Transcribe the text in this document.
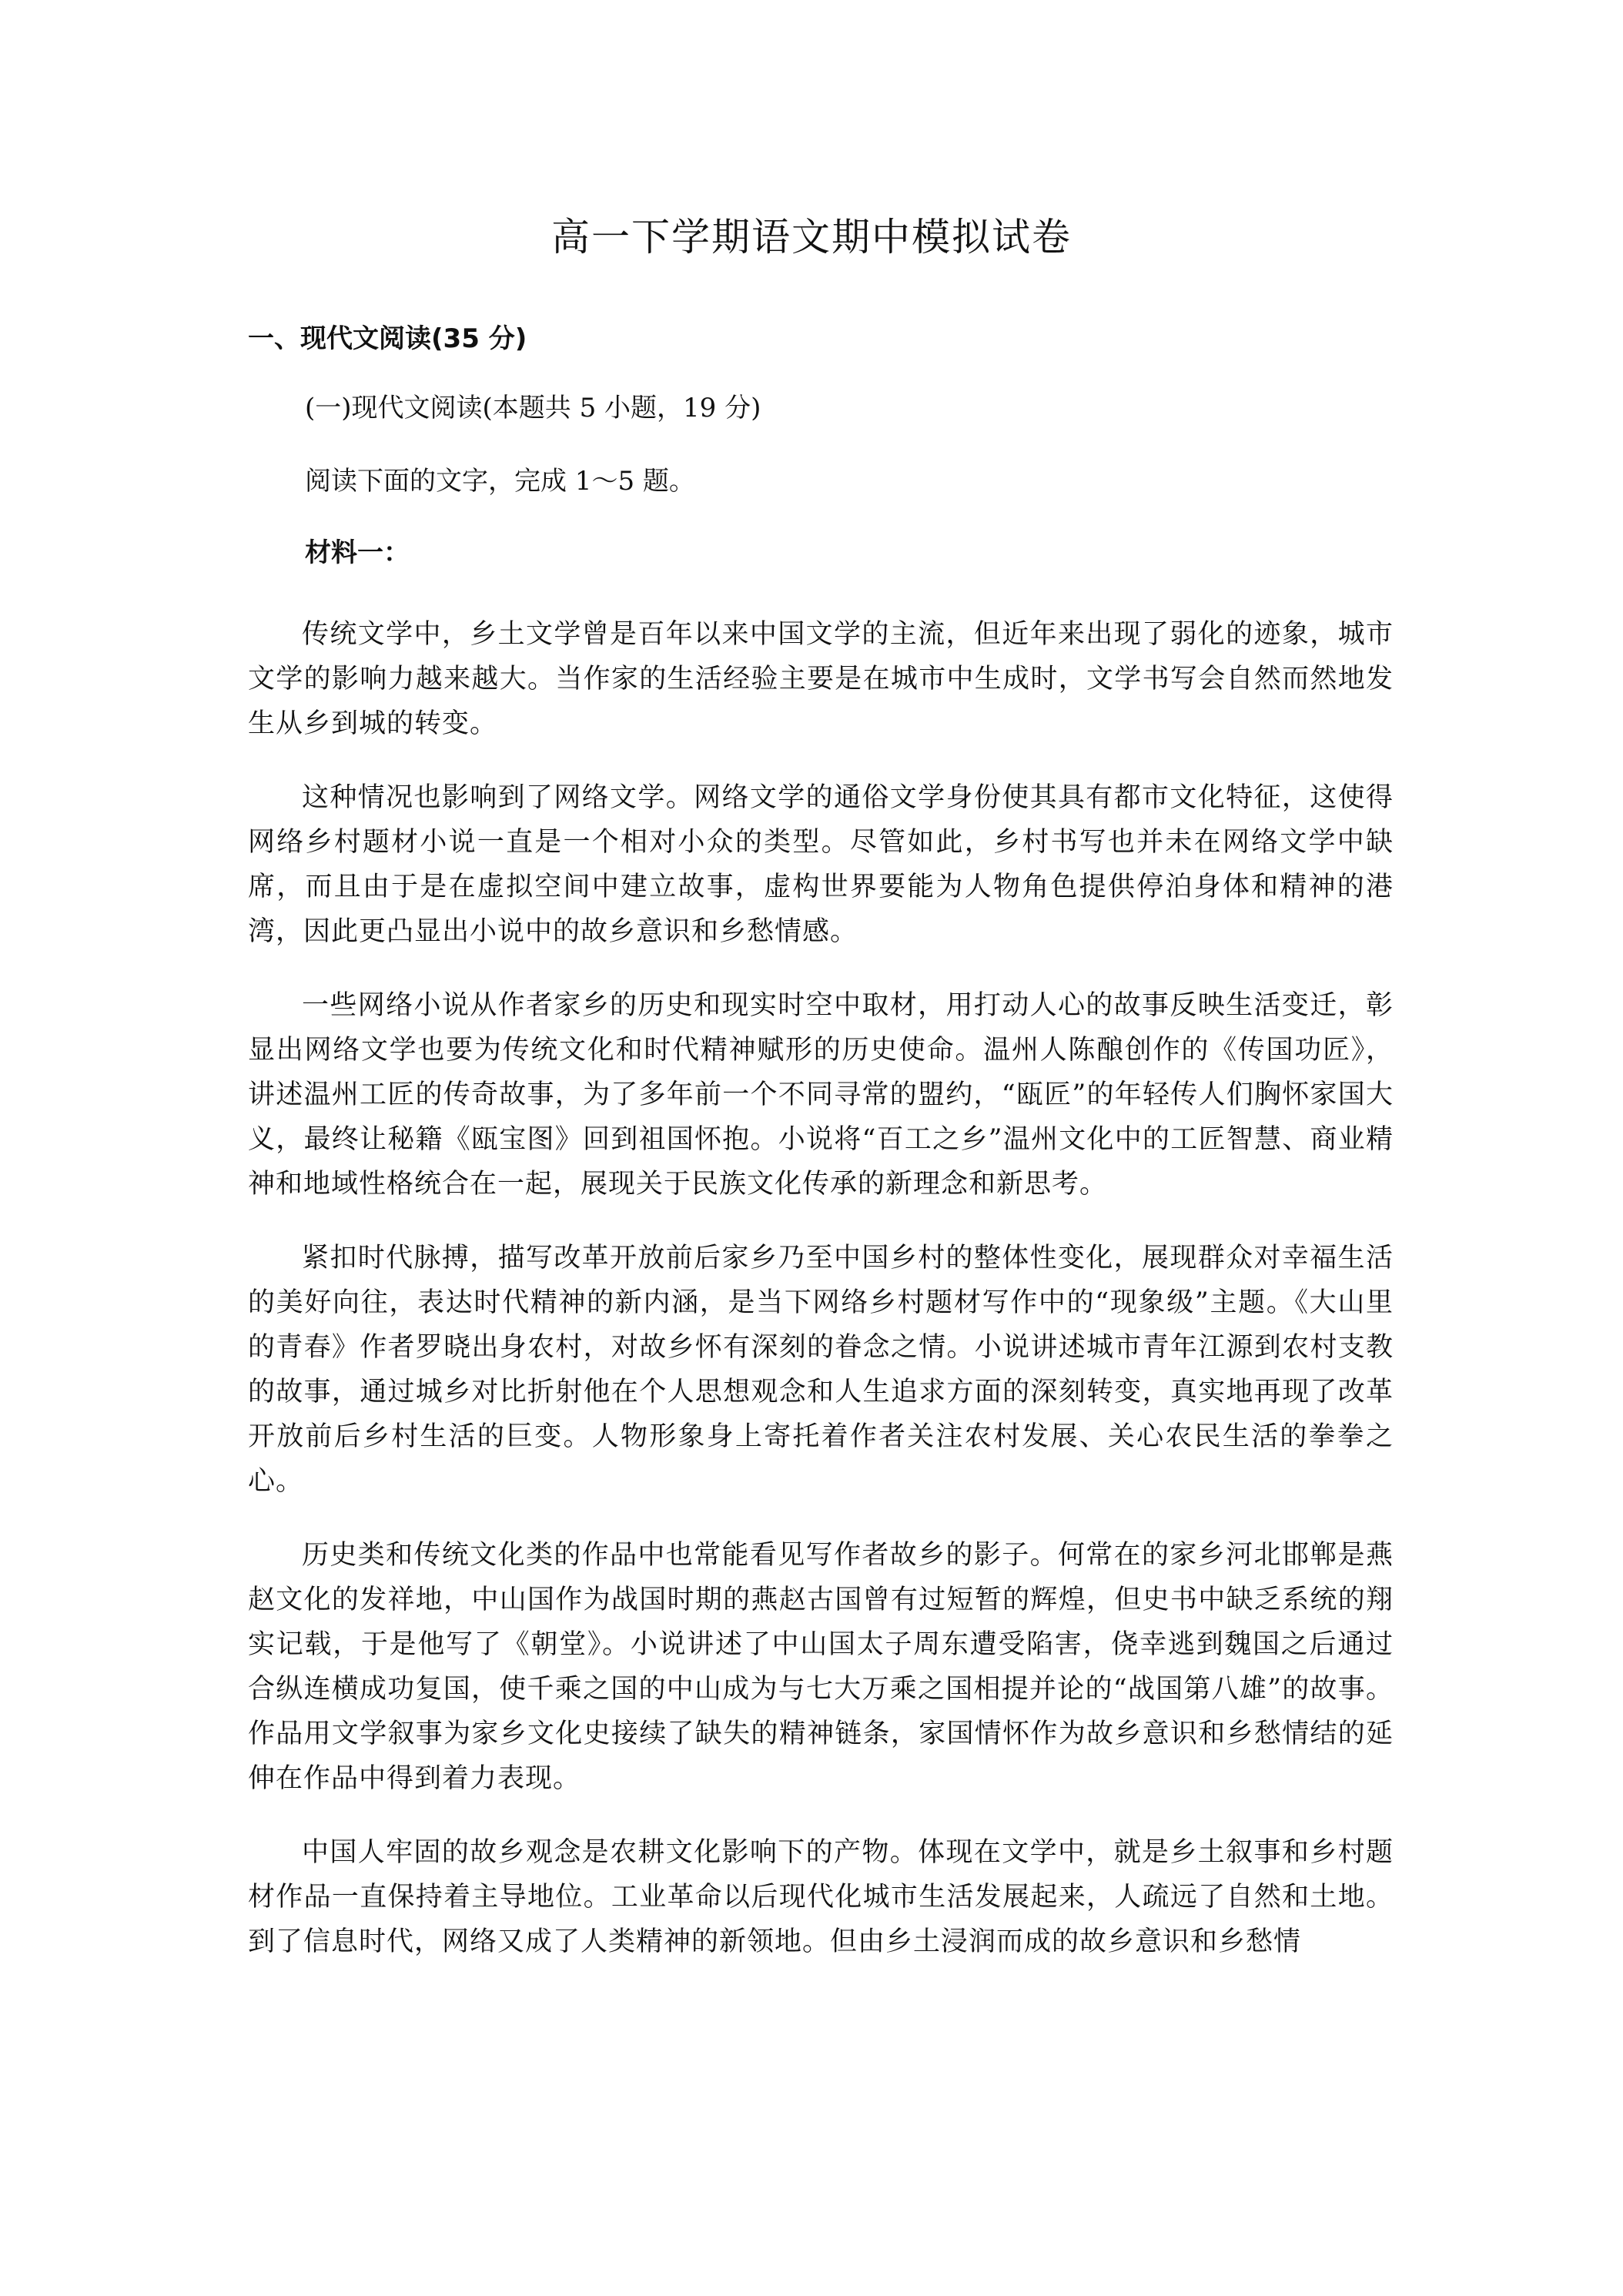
高一下学期语文期中模拟试卷

一、现代文阅读(35 分)

(一)现代文阅读(本题共 5 小题，19 分)

阅读下面的文字，完成 1～5 题。

材料一：

传统文学中，乡土文学曾是百年以来中国文学的主流，但近年来出现了弱化的迹象，城市文学的影响力越来越大。当作家的生活经验主要是在城市中生成时，文学书写会自然而然地发生从乡到城的转变。

这种情况也影响到了网络文学。网络文学的通俗文学身份使其具有都市文化特征，这使得网络乡村题材小说一直是一个相对小众的类型。尽管如此，乡村书写也并未在网络文学中缺席，而且由于是在虚拟空间中建立故事，虚构世界要能为人物角色提供停泊身体和精神的港湾，因此更凸显出小说中的故乡意识和乡愁情感。

一些网络小说从作者家乡的历史和现实时空中取材，用打动人心的故事反映生活变迁，彰显出网络文学也要为传统文化和时代精神赋形的历史使命。温州人陈酿创作的《传国功匠》，讲述温州工匠的传奇故事，为了多年前一个不同寻常的盟约，“瓯匠”的年轻传人们胸怀家国大义，最终让秘籍《瓯宝图》回到祖国怀抱。小说将“百工之乡”温州文化中的工匠智慧、商业精神和地域性格统合在一起，展现关于民族文化传承的新理念和新思考。

紧扣时代脉搏，描写改革开放前后家乡乃至中国乡村的整体性变化，展现群众对幸福生活的美好向往，表达时代精神的新内涵，是当下网络乡村题材写作中的“现象级”主题。《大山里的青春》作者罗晓出身农村，对故乡怀有深刻的眷念之情。小说讲述城市青年江源到农村支教的故事，通过城乡对比折射他在个人思想观念和人生追求方面的深刻转变，真实地再现了改革开放前后乡村生活的巨变。人物形象身上寄托着作者关注农村发展、关心农民生活的拳拳之心。

历史类和传统文化类的作品中也常能看见写作者故乡的影子。何常在的家乡河北邯郸是燕赵文化的发祥地，中山国作为战国时期的燕赵古国曾有过短暂的辉煌，但史书中缺乏系统的翔实记载，于是他写了《朝堂》。小说讲述了中山国太子周东遭受陷害，侥幸逃到魏国之后通过合纵连横成功复国，使千乘之国的中山成为与七大万乘之国相提并论的“战国第八雄”的故事。作品用文学叙事为家乡文化史接续了缺失的精神链条，家国情怀作为故乡意识和乡愁情结的延伸在作品中得到着力表现。

中国人牢固的故乡观念是农耕文化影响下的产物。体现在文学中，就是乡土叙事和乡村题材作品一直保持着主导地位。工业革命以后现代化城市生活发展起来，人疏远了自然和土地。到了信息时代，网络又成了人类精神的新领地。但由乡土浸润而成的故乡意识和乡愁情
